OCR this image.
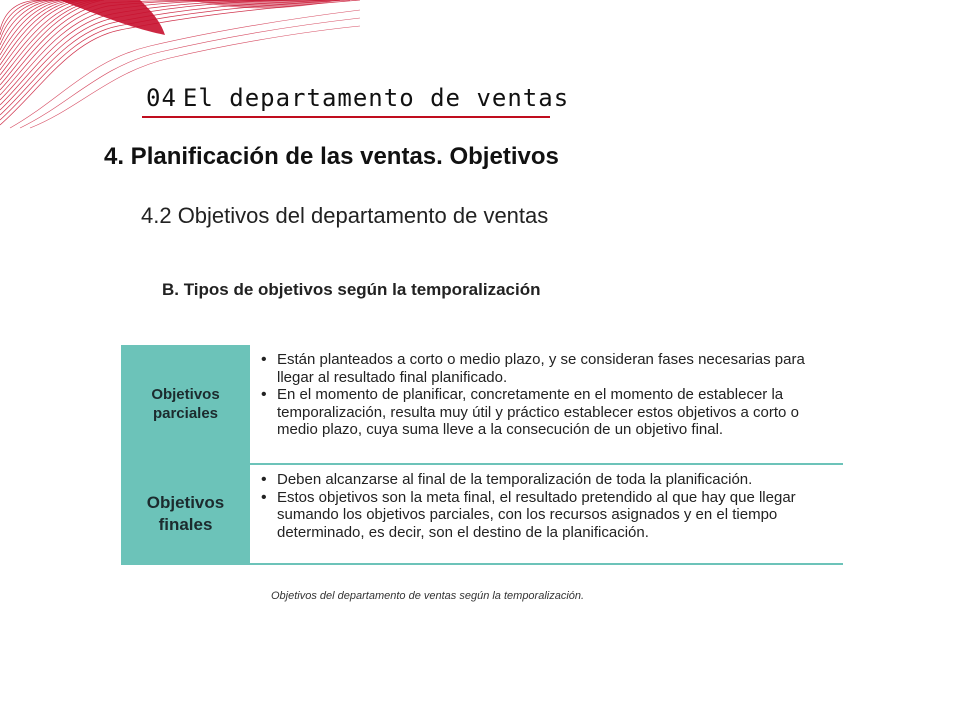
04 El departamento de ventas
4. Planificación de las ventas. Objetivos
4.2 Objetivos del departamento de ventas
B. Tipos de objetivos según la temporalización
Objetivos
parciales
• Están planteados a corto o medio plazo, y se consideran fases necesarias para llegar al resultado final planificado.
• En el momento de planificar, concretamente en el momento de establecer la temporalización, resulta muy útil y práctico establecer estos objetivos a corto o medio plazo, cuya suma lleve a la consecución de un objetivo final.
Objetivos
finales
• Deben alcanzarse al final de la temporalización de toda la planificación.
• Estos objetivos son la meta final, el resultado pretendido al que hay que llegar sumando los objetivos parciales, con los recursos asignados y en el tiempo determinado, es decir, son el destino de la planificación.
Objetivos del departamento de ventas según la temporalización.
